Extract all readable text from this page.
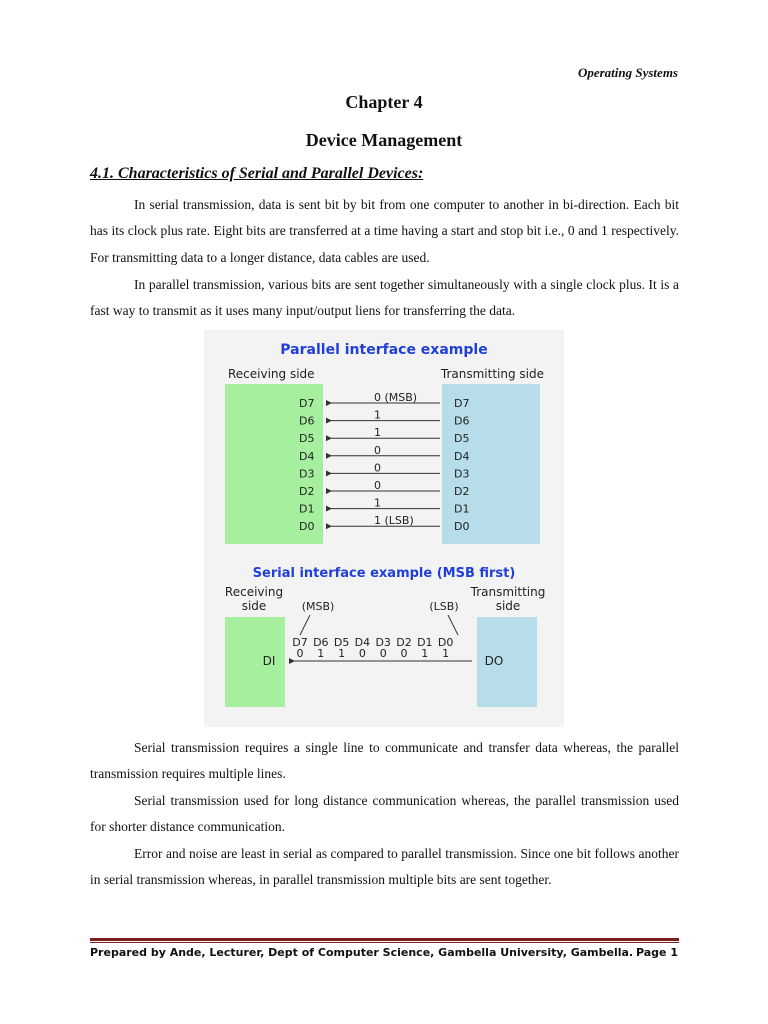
Operating Systems
Chapter 4
Device Management
4.1. Characteristics of Serial and Parallel Devices:

In serial transmission, data is sent bit by bit from one computer to another in bi-direction. Each bit has its clock plus rate. Eight bits are transferred at a time having a start and stop bit i.e., 0 and 1 respectively. For transmitting data to a longer distance, data cables are used.

In parallel transmission, various bits are sent together simultaneously with a single clock plus. It is a fast way to transmit as it uses many input/output liens for transferring the data.

Parallel interface example
Receiving side	Transmitting side
D7	D7
0 (MSB)
D6	D6
1
D5	D5
1
D4	D4
0
D3	D3
0
D2	D2
0
D1	D1
1
D0	D0
1 (LSB)
Serial interface example (MSB first)
Receiving
side
Transmitting
side
(MSB)	(LSB)
DI	DO
D7
0
D6
1
D5
1
D4
0
D3
0
D2
0
D1
1
D0
1

Serial transmission requires a single line to communicate and transfer data whereas, the parallel transmission requires multiple lines.

Serial transmission used for long distance communication whereas, the parallel transmission used for shorter distance communication.

Error and noise are least in serial as compared to parallel transmission. Since one bit follows another in serial transmission whereas, in parallel transmission multiple bits are sent together.

Prepared by Ande, Lecturer, Dept of Computer Science, Gambella University, Gambella. Page 1
